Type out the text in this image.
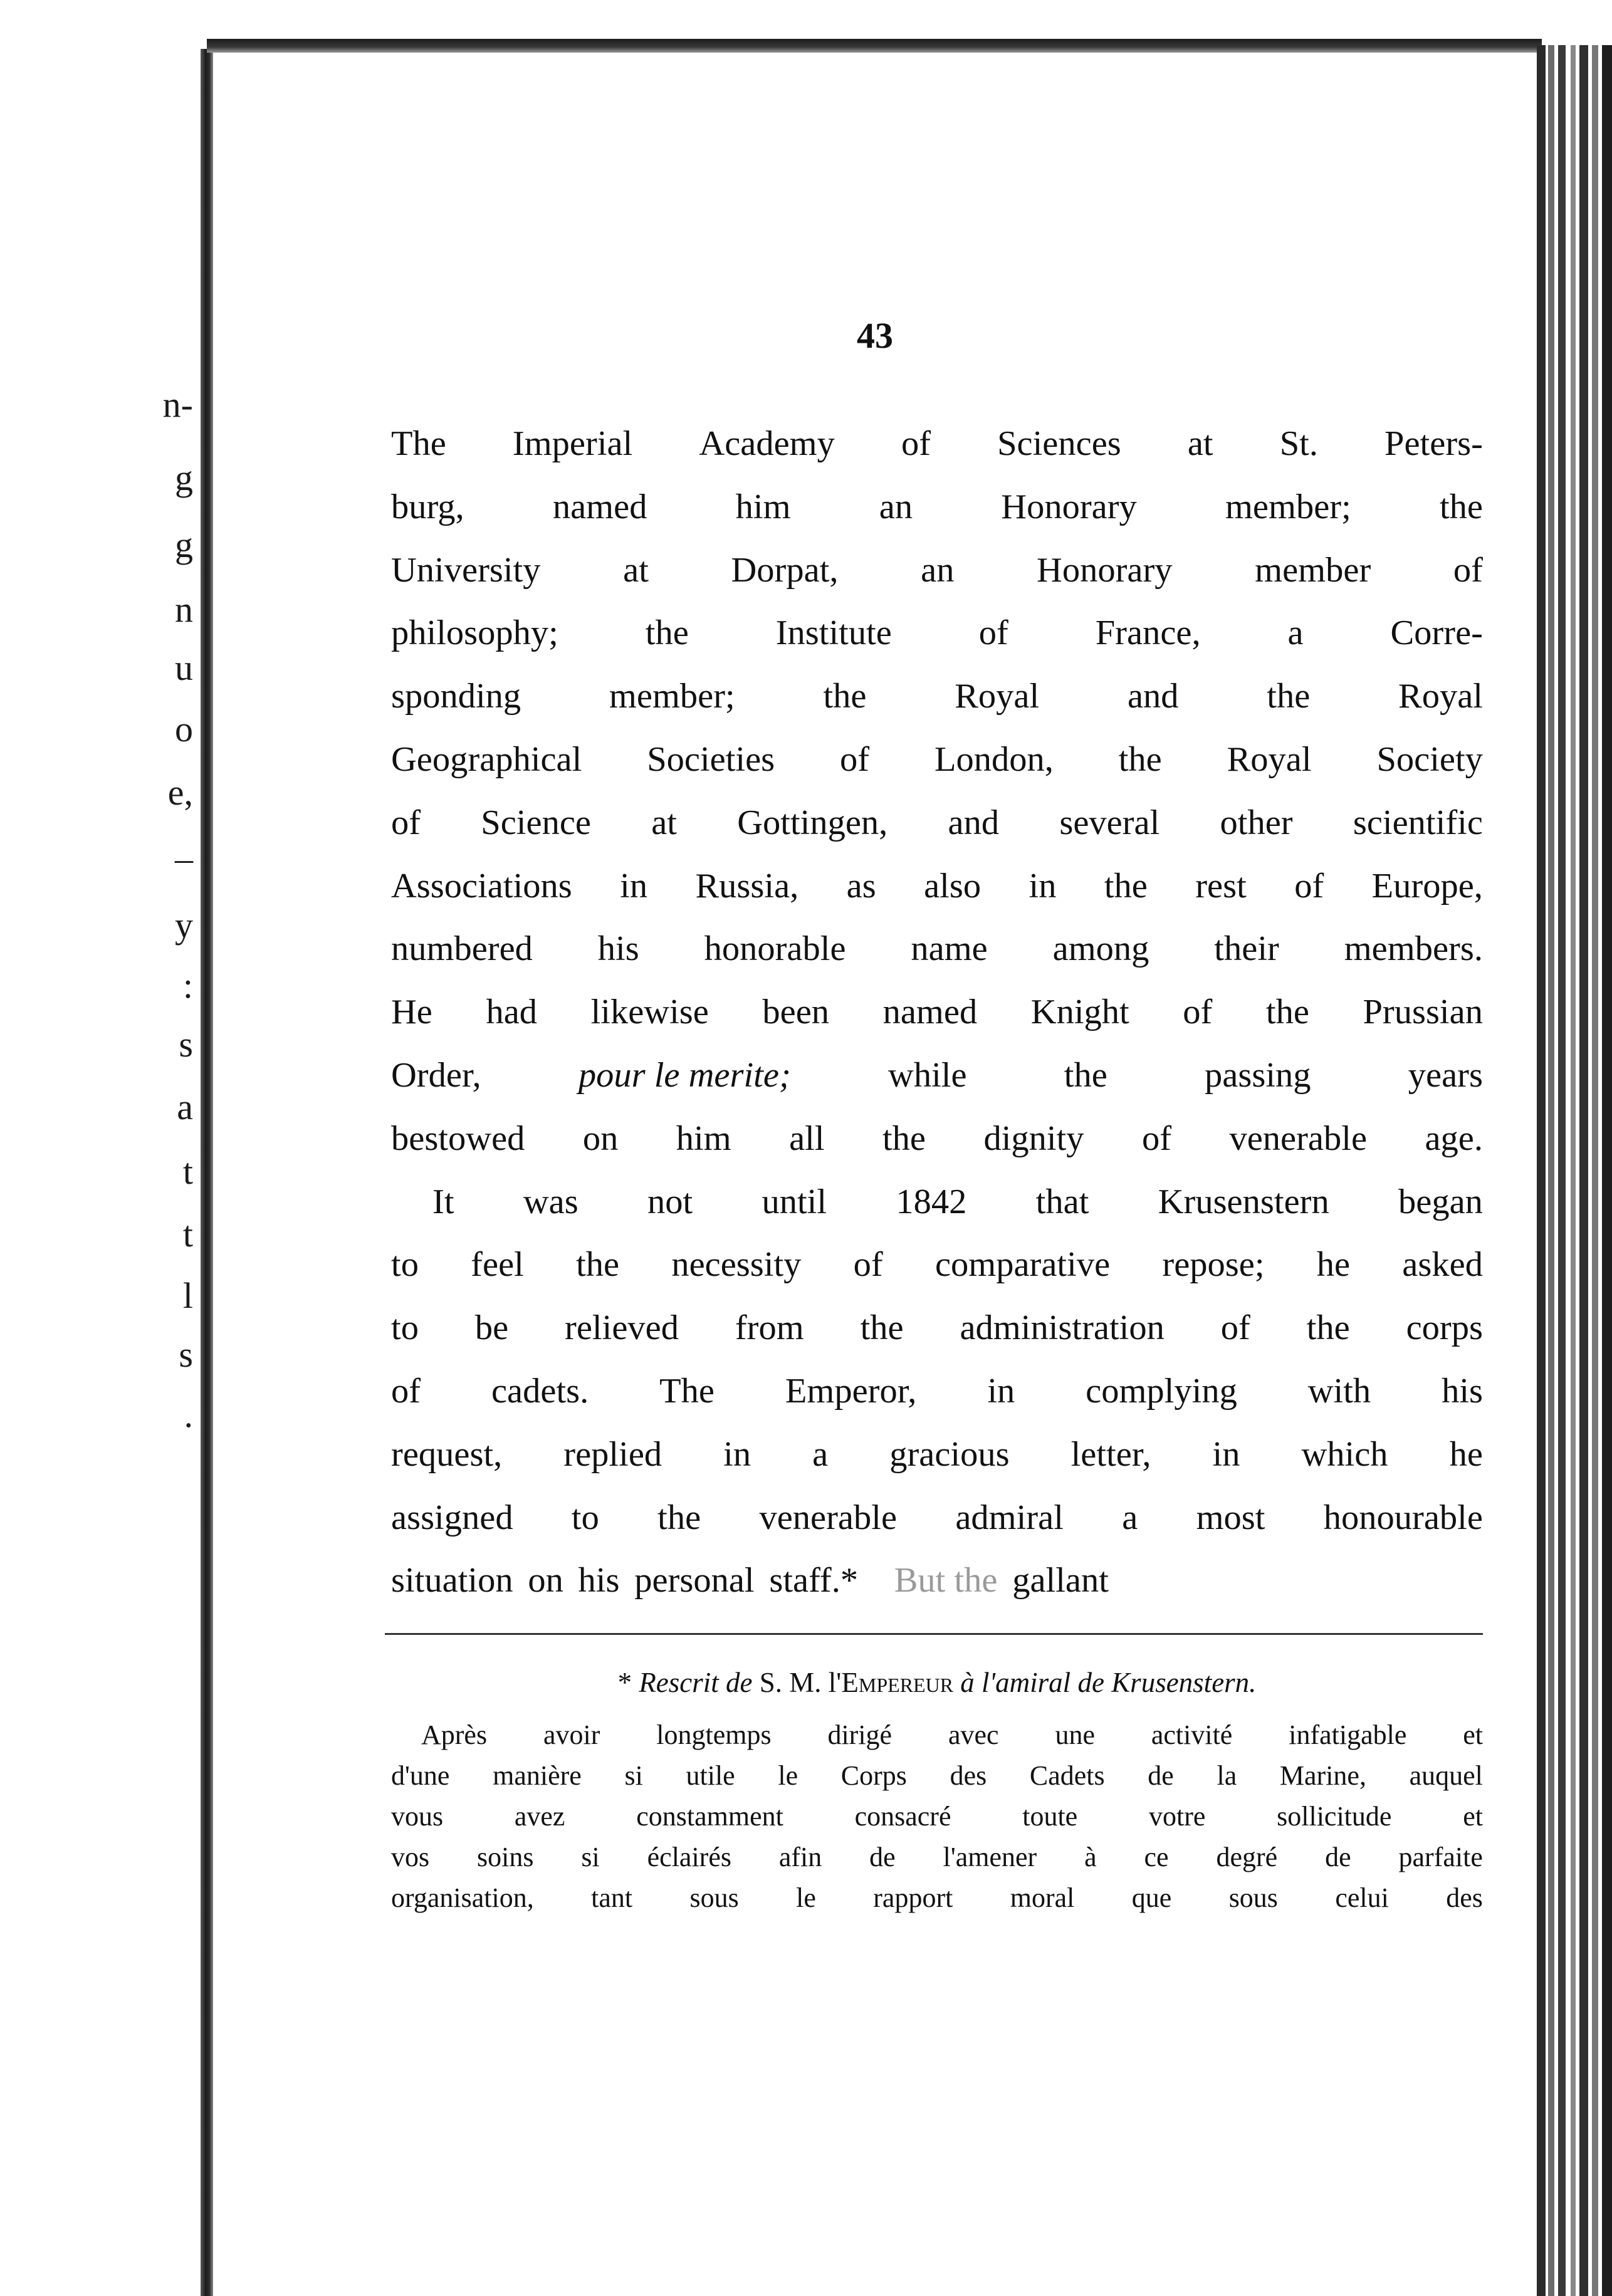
n-
g
g
n
u
o
e,
–
y
:
s
a
t
t
l
s
.
43
The Imperial Academy of Sciences at St. Peters-
burg, named him an Honorary member; the
University at Dorpat, an Honorary member of
philosophy; the Institute of France, a Corre-
sponding member; the Royal and the Royal
Geographical Societies of London, the Royal Society
of Science at Gottingen, and several other scientific
Associations in Russia, as also in the rest of Europe,
numbered his honorable name among their members.
He had likewise been named Knight of the Prussian
Order,	pour le merite;	while	the	passing	years
bestowed on him all the dignity of venerable age.
It was not until 1842 that Krusenstern began
to feel the necessity of comparative repose; he asked
to be relieved from the administration of the corps
of cadets. The Emperor, in complying with his
request, replied in a gracious letter, in which he
assigned to the venerable admiral a most honourable
situation on his personal staff.* But the gallant
* Rescrit de S. M. l'Empereur à l'amiral de Krusenstern.
Après avoir longtemps dirigé avec une activité infatigable et
d'une manière si utile le Corps des Cadets de la Marine, auquel
vous	avez	constamment	consacré	toute	votre	sollicitude	et
vos soins si éclairés afin de l'amener à ce degré de parfaite
organisation, tant sous le rapport moral que sous celui des
